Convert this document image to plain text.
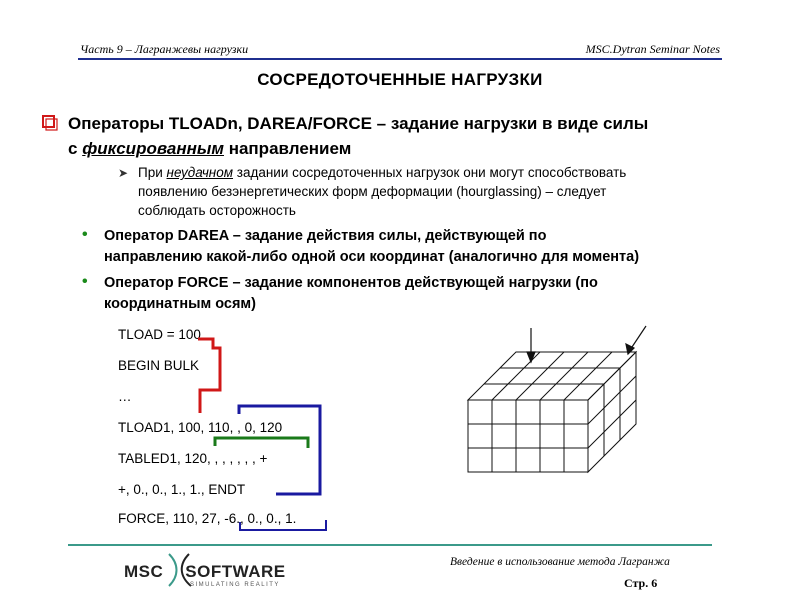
Часть 9 – Лагранжевы нагрузки	MSC.Dytran Seminar Notes
СОСРЕДОТОЧЕННЫЕ НАГРУЗКИ
Операторы TLOADn, DAREA/FORCE – задание нагрузки в виде силы
с фиксированным направлением
➤ При неудачном задании сосредоточенных нагрузок они могут способствовать
появлению безэнергетических форм деформации (hourglassing) – следует
соблюдать осторожность
• Оператор DAREA – задание действия силы, действующей по
направлению какой-либо одной оси координат (аналогично для момента)
• Оператор FORCE – задание компонентов действующей нагрузки (по
координатным осям)
TLOAD = 100
BEGIN BULK
…
TLOAD1, 100, 110, , 0, 120
TABLED1, 120, , , , , , , +
+, 0., 0., 1., 1., ENDT
FORCE, 110, 27, -6., 0., 0., 1.
MSC SOFTWARE
SIMULATING REALITY
Введение в использование метода Лагранжа
Стр. 6
